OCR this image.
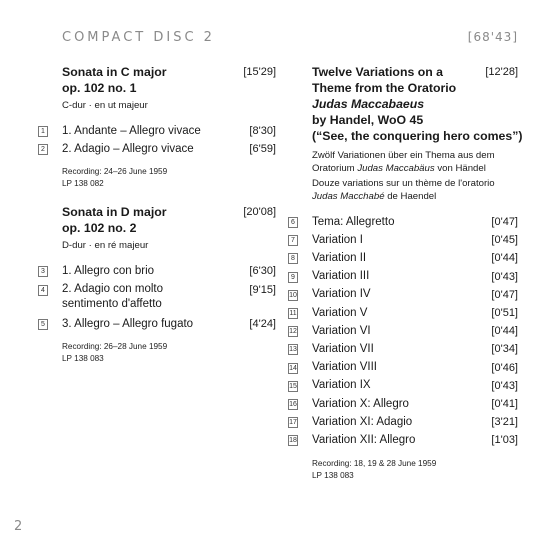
COMPACT DISC 2	[68'43]
Sonata in C major
op. 102 no. 1
[15'29]
C-dur · en ut majeur
1 1. Andante – Allegro vivace	[8'30]
2 2. Adagio – Allegro vivace	[6'59]
Recording: 24–26 June 1959
LP 138 082
Sonata in D major
op. 102 no. 2
[20'08]
D-dur · en ré majeur
3 1. Allegro con brio	[6'30]
4 2. Adagio con molto sentimento d'affetto
[9'15]
5 3. Allegro – Allegro fugato	[4'24]
Recording: 26–28 June 1959
LP 138 083
Twelve Variations on a
Theme from the Oratorio
Judas Maccabaeus
by Handel, WoO 45
(“See, the conquering hero comes”)
[12'28]
Zwölf Variationen über ein Thema aus dem
Oratorium Judas Maccabäus von Händel
Douze variations sur un thème de l'oratorio
Judas Macchabé de Haendel
6 Tema: Allegretto	[0'47]
7 Variation I	[0'45]
8 Variation II	[0'44]
9 Variation III	[0'43]
10 Variation IV	[0'47]
11 Variation V	[0'51]
12 Variation VI	[0'44]
13 Variation VII	[0'34]
14 Variation VIII	[0'46]
15 Variation IX	[0'43]
16 Variation X: Allegro	[0'41]
17 Variation XI: Adagio	[3'21]
18 Variation XII: Allegro	[1'03]
Recording: 18, 19 & 28 June 1959
LP 138 083
2
